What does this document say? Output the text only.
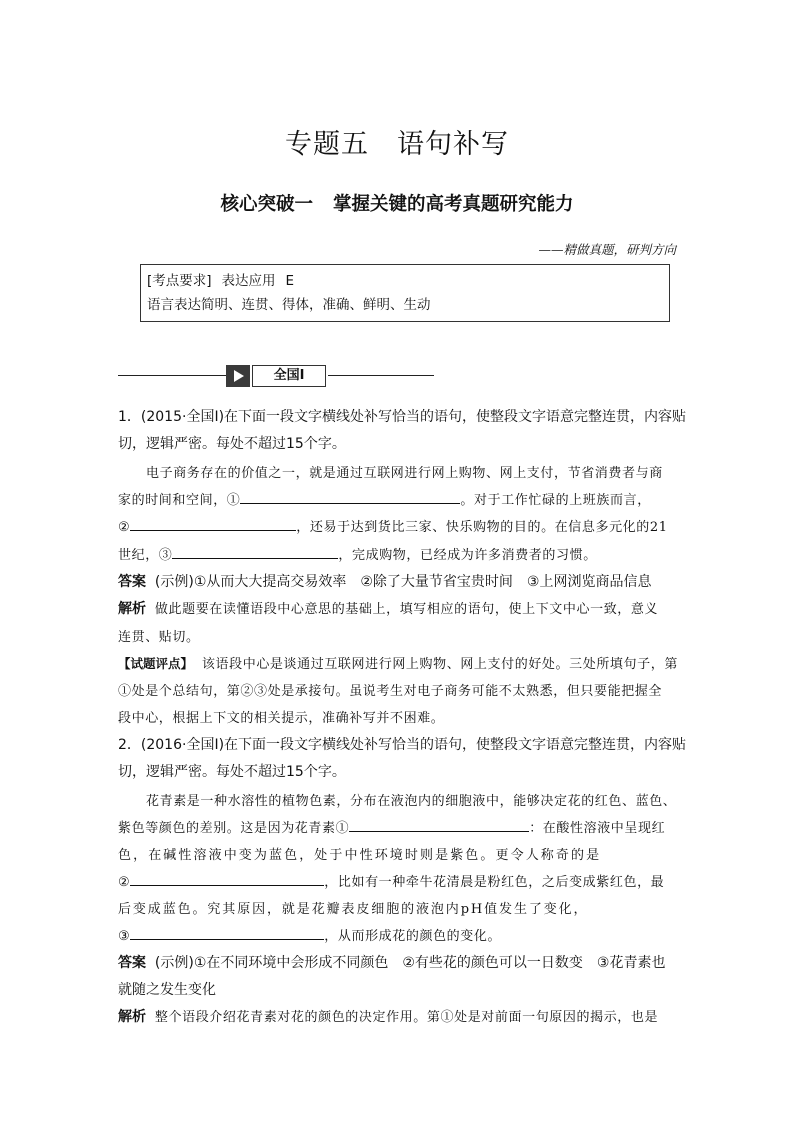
专题五 语句补写
核心突破一 掌握关键的高考真题研究能力
——精做真题，研判方向
[考点要求] 表达应用 E
语言表达简明、连贯、得体，准确、鲜明、生动
全国Ⅰ
1．(2015·全国Ⅰ)在下面一段文字横线处补写恰当的语句，使整段文字语意完整连贯，内容贴
切，逻辑严密。每处不超过15个字。
电子商务存在的价值之一，就是通过互联网进行网上购物、网上支付，节省消费者与商
家的时间和空间，①	。对于工作忙碌的上班族而言，
②	，还易于达到货比三家、快乐购物的目的。在信息多元化的21
世纪，③	，完成购物，已经成为许多消费者的习惯。
答案 (示例)①从而大大提高交易效率　②除了大量节省宝贵时间　③上网浏览商品信息
解析 做此题要在读懂语段中心意思的基础上，填写相应的语句，使上下文中心一致，意义
连贯、贴切。
【试题评点】 该语段中心是谈通过互联网进行网上购物、网上支付的好处。三处所填句子，第
①处是个总结句，第②③处是承接句。虽说考生对电子商务可能不太熟悉，但只要能把握全
段中心，根据上下文的相关提示，准确补写并不困难。
2．(2016·全国Ⅰ)在下面一段文字横线处补写恰当的语句，使整段文字语意完整连贯，内容贴
切，逻辑严密。每处不超过15个字。
花青素是一种水溶性的植物色素，分布在液泡内的细胞液中，能够决定花的红色、蓝色、
紫色等颜色的差别。这是因为花青素①	：在酸性溶液中呈现红
色，在碱性溶液中变为蓝色，处于中性环境时则是紫色。更令人称奇的是
②	，比如有一种牵牛花清晨是粉红色，之后变成紫红色，最
后变成蓝色。究其原因，就是花瓣表皮细胞的液泡内pH值发生了变化，
③	，从而形成花的颜色的变化。
答案 (示例)①在不同环境中会形成不同颜色　②有些花的颜色可以一日数变　③花青素也
就随之发生变化
解析 整个语段介绍花青素对花的颜色的决定作用。第①处是对前面一句原因的揭示，也是
